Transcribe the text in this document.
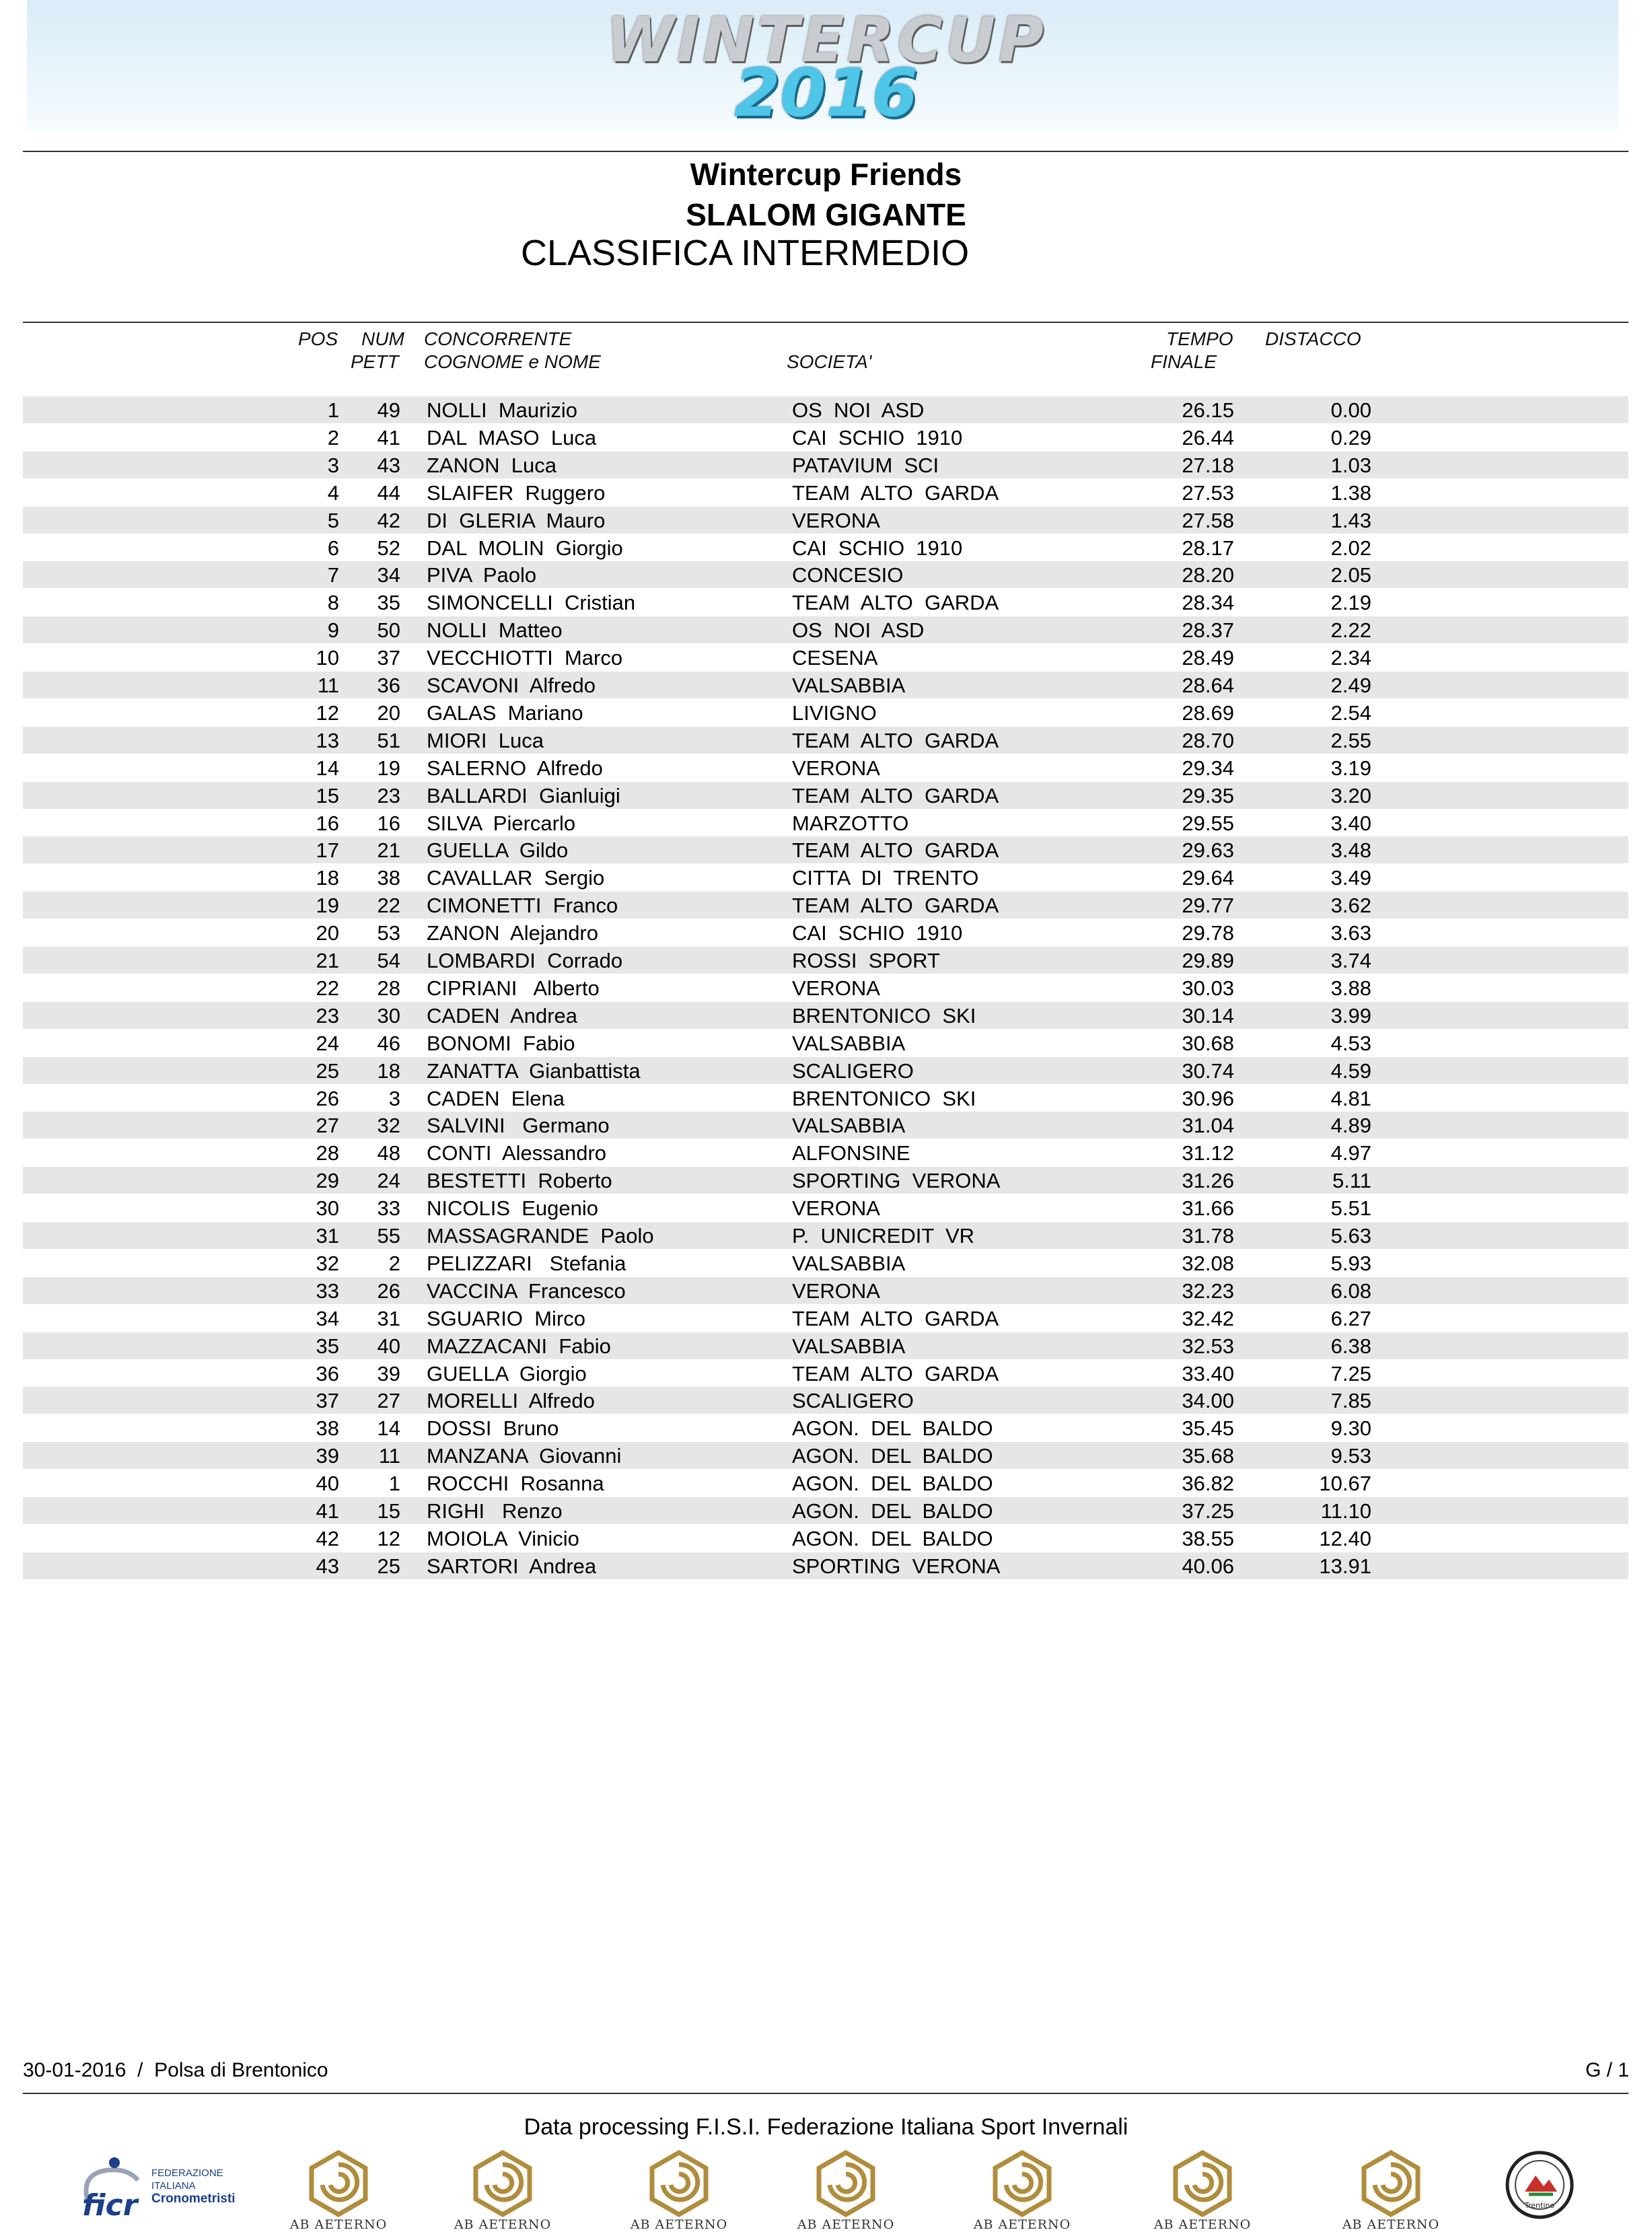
WINTERCUP
2016
Wintercup Friends
SLALOM GIGANTE
CLASSIFICA INTERMEDIO
POS NUM
PETT
CONCORRENTE
COGNOME e NOME	SOCIETA'
TEMPO
FINALE
DISTACCO
1	49 NOLLI  Maurizio	OS  NOI  ASD	26.15	0.00
2	41 DAL  MASO  Luca	CAI  SCHIO  1910	26.44	0.29
3	43 ZANON  Luca	PATAVIUM  SCI	27.18	1.03
4	44 SLAIFER  Ruggero	TEAM  ALTO  GARDA	27.53	1.38
5	42 DI  GLERIA  Mauro	VERONA	27.58	1.43
6	52 DAL  MOLIN  Giorgio	CAI  SCHIO  1910	28.17	2.02
7	34 PIVA  Paolo	CONCESIO	28.20	2.05
8	35 SIMONCELLI  Cristian	TEAM  ALTO  GARDA	28.34	2.19
9	50 NOLLI  Matteo	OS  NOI  ASD	28.37	2.22
10	37 VECCHIOTTI  Marco	CESENA	28.49	2.34
11	36 SCAVONI  Alfredo	VALSABBIA	28.64	2.49
12	20 GALAS  Mariano	LIVIGNO	28.69	2.54
13	51 MIORI  Luca	TEAM  ALTO  GARDA	28.70	2.55
14	19 SALERNO  Alfredo	VERONA	29.34	3.19
15	23 BALLARDI  Gianluigi	TEAM  ALTO  GARDA	29.35	3.20
16	16 SILVA  Piercarlo	MARZOTTO	29.55	3.40
17	21 GUELLA  Gildo	TEAM  ALTO  GARDA	29.63	3.48
18	38 CAVALLAR  Sergio	CITTA  DI  TRENTO	29.64	3.49
19	22 CIMONETTI  Franco	TEAM  ALTO  GARDA	29.77	3.62
20	53 ZANON  Alejandro	CAI  SCHIO  1910	29.78	3.63
21	54 LOMBARDI  Corrado	ROSSI  SPORT	29.89	3.74
22	28 CIPRIANI   Alberto	VERONA	30.03	3.88
23	30 CADEN  Andrea	BRENTONICO  SKI	30.14	3.99
24	46 BONOMI  Fabio	VALSABBIA	30.68	4.53
25	18 ZANATTA  Gianbattista	SCALIGERO	30.74	4.59
26	3 CADEN  Elena	BRENTONICO  SKI	30.96	4.81
27	32 SALVINI   Germano	VALSABBIA	31.04	4.89
28	48 CONTI  Alessandro	ALFONSINE	31.12	4.97
29	24 BESTETTI  Roberto	SPORTING  VERONA	31.26	5.11
30	33 NICOLIS  Eugenio	VERONA	31.66	5.51
31	55 MASSAGRANDE  Paolo	P.  UNICREDIT  VR	31.78	5.63
32	2 PELIZZARI   Stefania	VALSABBIA	32.08	5.93
33	26 VACCINA  Francesco	VERONA	32.23	6.08
34	31 SGUARIO  Mirco	TEAM  ALTO  GARDA	32.42	6.27
35	40 MAZZACANI  Fabio	VALSABBIA	32.53	6.38
36	39 GUELLA  Giorgio	TEAM  ALTO  GARDA	33.40	7.25
37	27 MORELLI  Alfredo	SCALIGERO	34.00	7.85
38	14 DOSSI  Bruno	AGON.  DEL  BALDO	35.45	9.30
39	11 MANZANA  Giovanni	AGON.  DEL  BALDO	35.68	9.53
40	1 ROCCHI  Rosanna	AGON.  DEL  BALDO	36.82	10.67
41	15 RIGHI   Renzo	AGON.  DEL  BALDO	37.25	11.10
42	12 MOIOLA  Vinicio	AGON.  DEL  BALDO	38.55	12.40
43	25 SARTORI  Andrea	SPORTING  VERONA	40.06	13.91
30-01-2016  /  Polsa di Brentonico	G / 1
Data processing F.I.S.I. Federazione Italiana Sport Invernali
ficr
FEDERAZIONE ITALIANA
Cronometristi
AB AETERNO	AB AETERNO	AB AETERNO	AB AETERNO	AB AETERNO	AB AETERNO	AB AETERNO
Trentino
